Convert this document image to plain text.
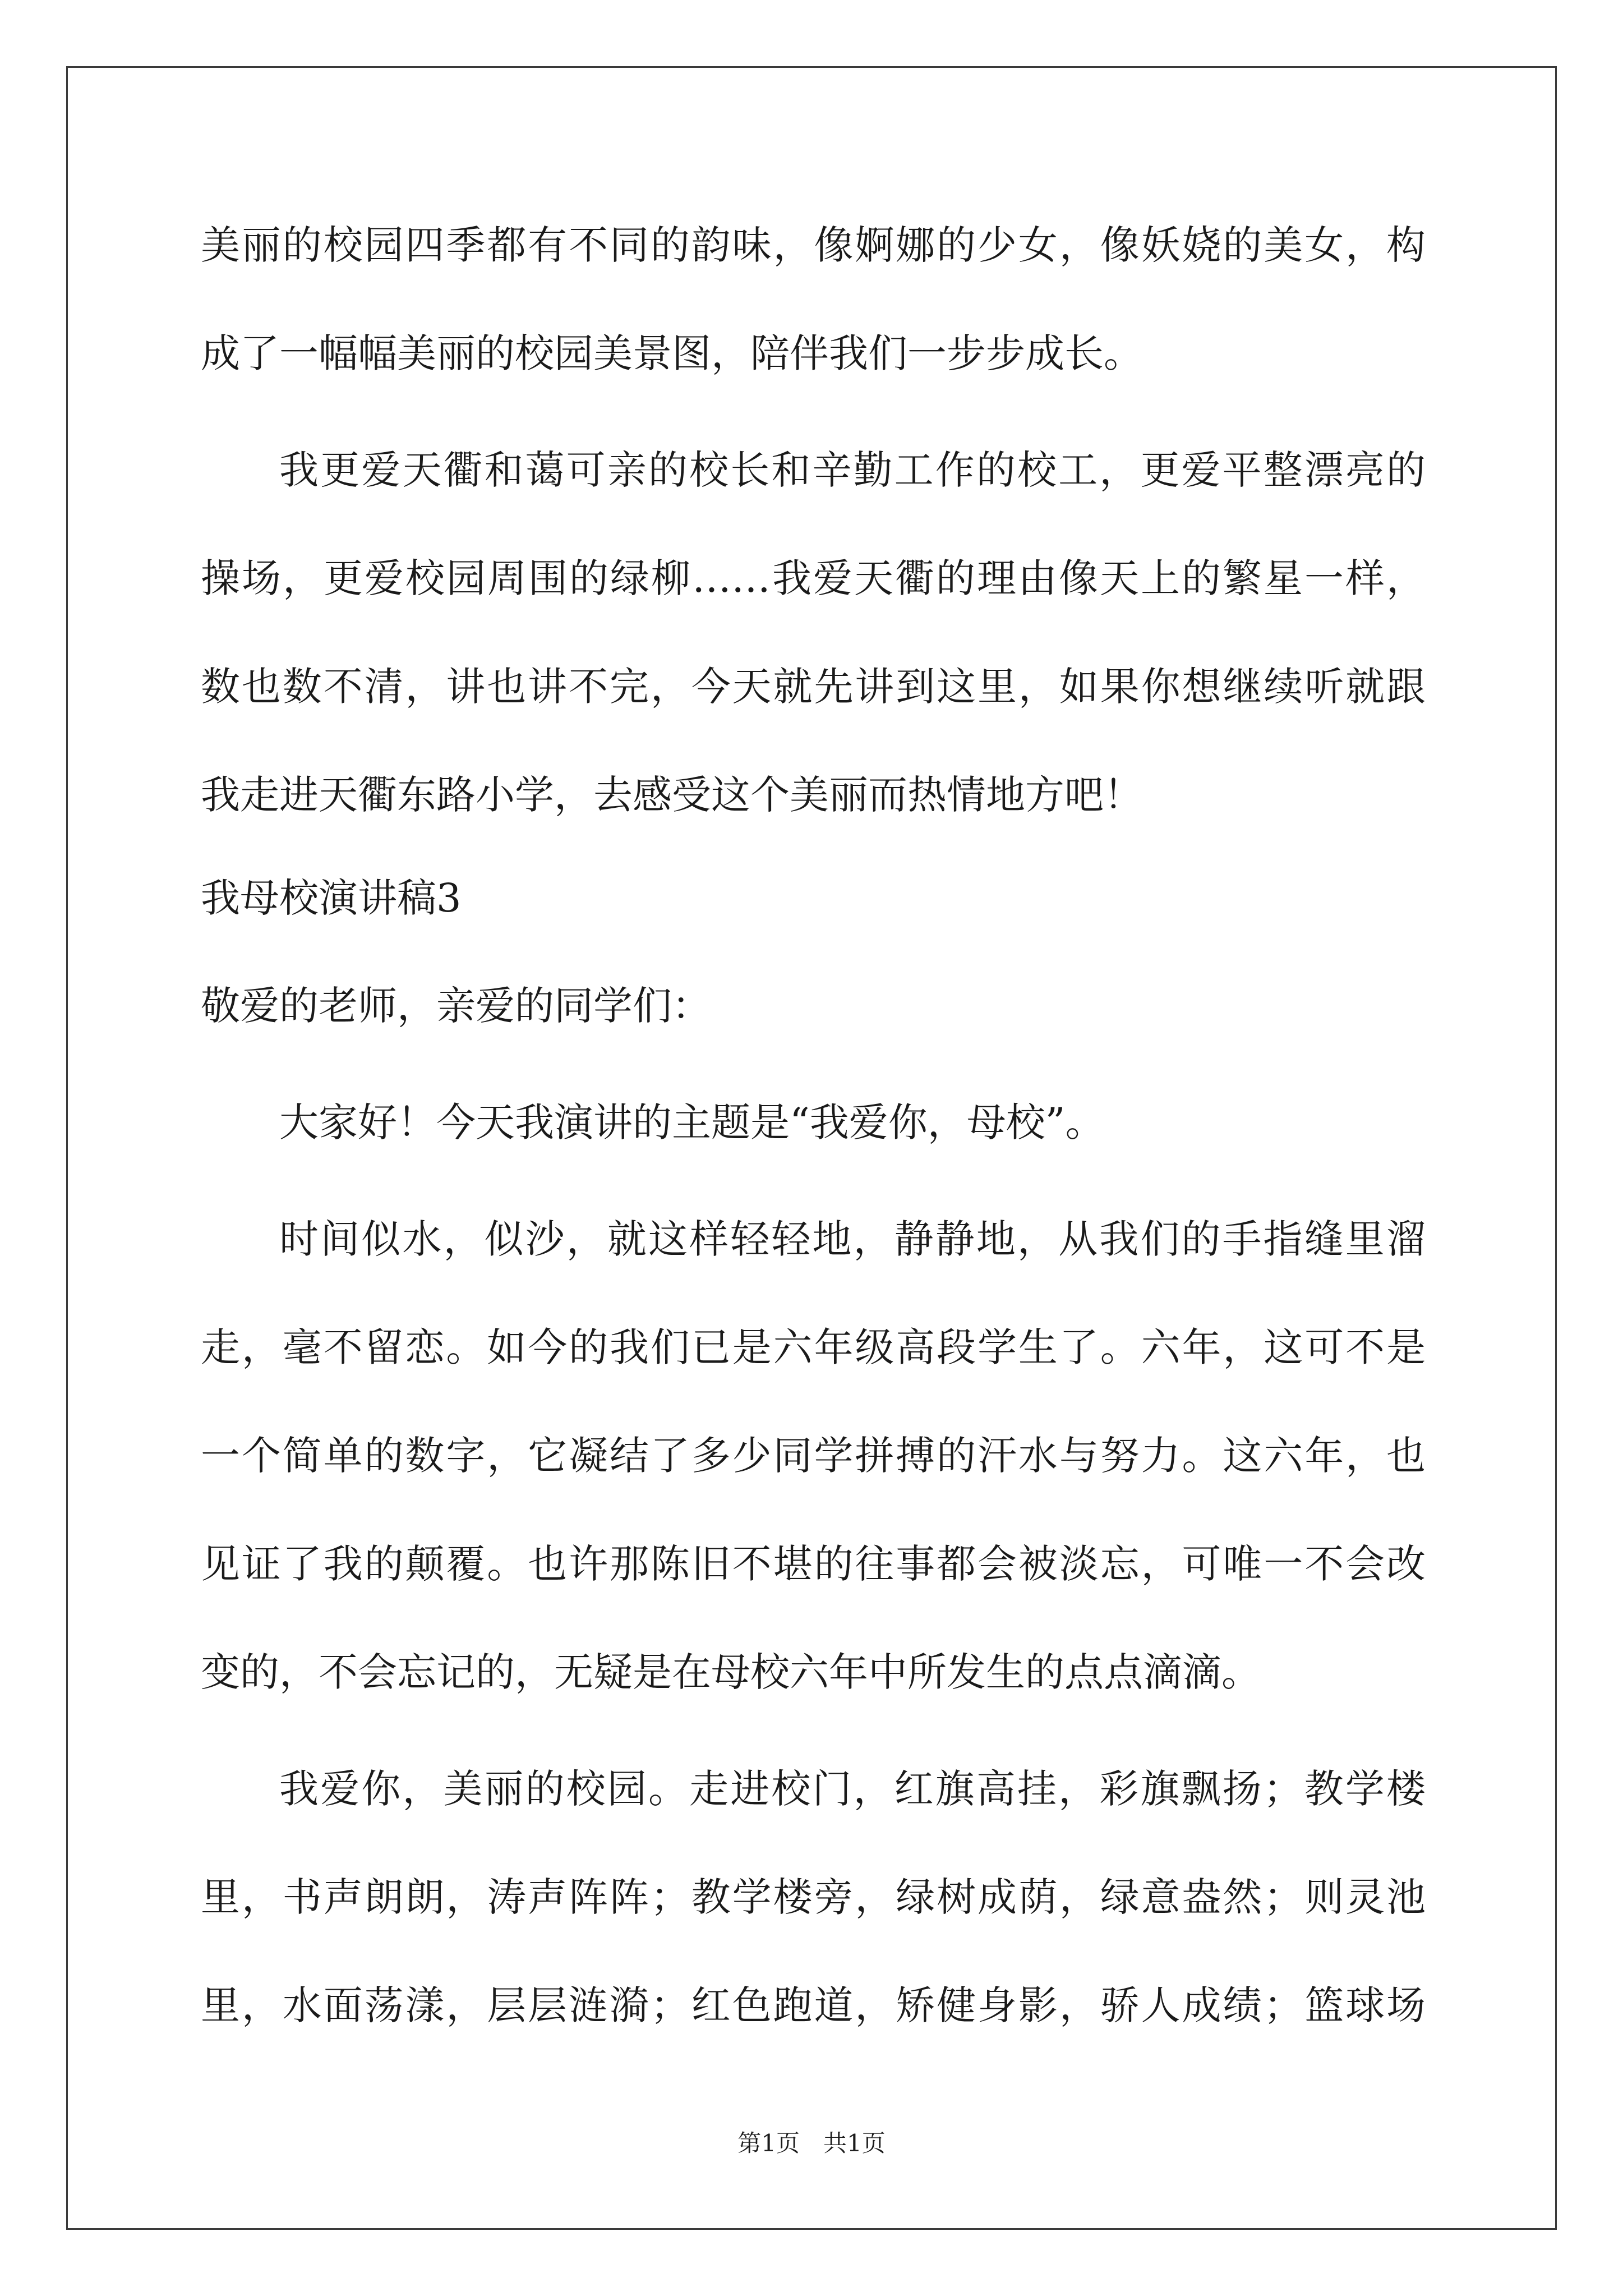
美丽的校园四季都有不同的韵味，像婀娜的少女，像妖娆的美女，构
成了一幅幅美丽的校园美景图，陪伴我们一步步成长。
我更爱天衢和蔼可亲的校长和辛勤工作的校工，更爱平整漂亮的
操场，更爱校园周围的绿柳……我爱天衢的理由像天上的繁星一样，
数也数不清，讲也讲不完，今天就先讲到这里，如果你想继续听就跟
我走进天衢东路小学，去感受这个美丽而热情地方吧！
我母校演讲稿3
敬爱的老师，亲爱的同学们：
大家好！今天我演讲的主题是“我爱你，母校”。
时间似水，似沙，就这样轻轻地，静静地，从我们的手指缝里溜
走，毫不留恋。如今的我们已是六年级高段学生了。六年，这可不是
一个简单的数字，它凝结了多少同学拼搏的汗水与努力。这六年，也
见证了我的颠覆。也许那陈旧不堪的往事都会被淡忘，可唯一不会改
变的，不会忘记的，无疑是在母校六年中所发生的点点滴滴。
我爱你，美丽的校园。走进校门，红旗高挂，彩旗飘扬；教学楼
里，书声朗朗，涛声阵阵；教学楼旁，绿树成荫，绿意盎然；则灵池
里，水面荡漾，层层涟漪；红色跑道，矫健身影，骄人成绩；篮球场
第1页　共1页
